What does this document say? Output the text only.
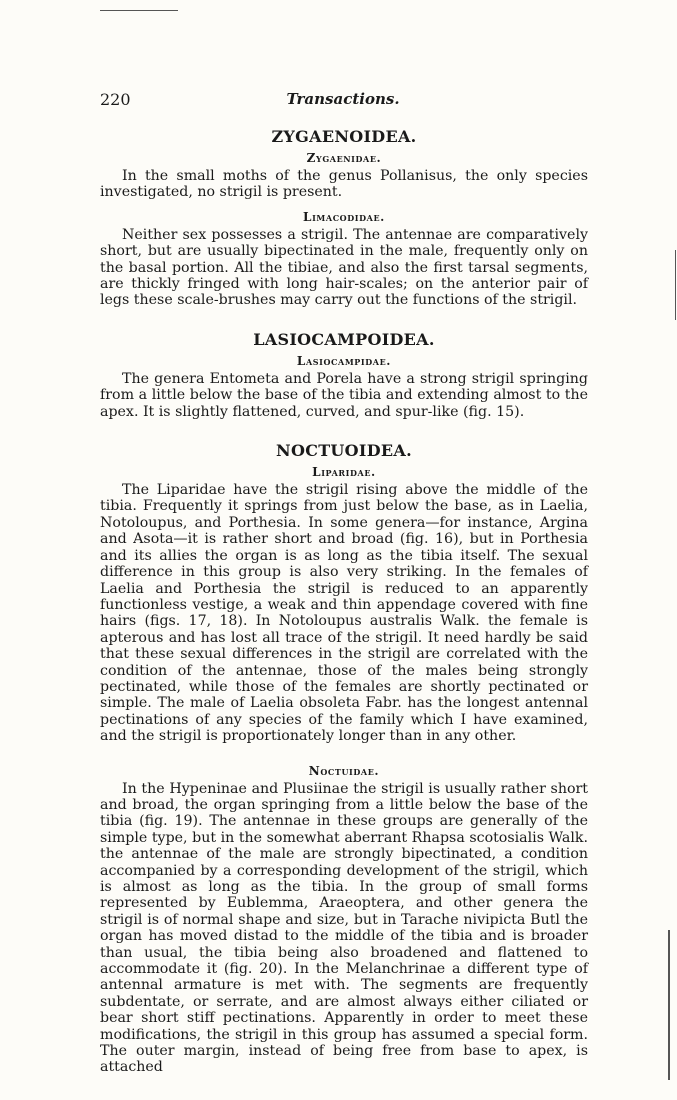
220	Transactions.
ZYGAENOIDEA.
Zygaenidae.

In the small moths of the genus Pollanisus, the only species investigated, no strigil is present.

Limacodidae.

Neither sex possesses a strigil. The antennae are comparatively short, but are usually bipectinated in the male, frequently only on the basal portion. All the tibiae, and also the first tarsal segments, are thickly fringed with long hair-scales; on the anterior pair of legs these scale-brushes may carry out the functions of the strigil.

LASIOCAMPOIDEA.
Lasiocampidae.

The genera Entometa and Porela have a strong strigil springing from a little below the base of the tibia and extending almost to the apex. It is slightly flattened, curved, and spur-like (fig. 15).

NOCTUOIDEA.
Liparidae.

The Liparidae have the strigil rising above the middle of the tibia. Frequently it springs from just below the base, as in Laelia, Notoloupus, and Porthesia. In some genera—for instance, Argina and Asota—it is rather short and broad (fig. 16), but in Porthesia and its allies the organ is as long as the tibia itself. The sexual difference in this group is also very striking. In the females of Laelia and Porthesia the strigil is reduced to an apparently functionless vestige, a weak and thin appendage covered with fine hairs (figs. 17, 18). In Notoloupus australis Walk. the female is apterous and has lost all trace of the strigil. It need hardly be said that these sexual differences in the strigil are correlated with the condition of the antennae, those of the males being strongly pectinated, while those of the females are shortly pectinated or simple. The male of Laelia obsoleta Fabr. has the longest antennal pectinations of any species of the family which I have examined, and the strigil is proportionately longer than in any other.

Noctuidae.

In the Hypeninae and Plusiinae the strigil is usually rather short and broad, the organ springing from a little below the base of the tibia (fig. 19). The antennae in these groups are generally of the simple type, but in the somewhat aberrant Rhapsa scotosialis Walk. the antennae of the male are strongly bipectinated, a condition accompanied by a corresponding development of the strigil, which is almost as long as the tibia. In the group of small forms represented by Eublemma, Araeoptera, and other genera the strigil is of normal shape and size, but in Tarache nivipicta Butl the organ has moved distad to the middle of the tibia and is broader than usual, the tibia being also broadened and flattened to accommodate it (fig. 20). In the Melanchrinae a different type of antennal armature is met with. The segments are frequently subdentate, or serrate, and are almost always either ciliated or bear short stiff pectinations. Apparently in order to meet these modifications, the strigil in this group has assumed a special form. The outer margin, instead of being free from base to apex, is attached
